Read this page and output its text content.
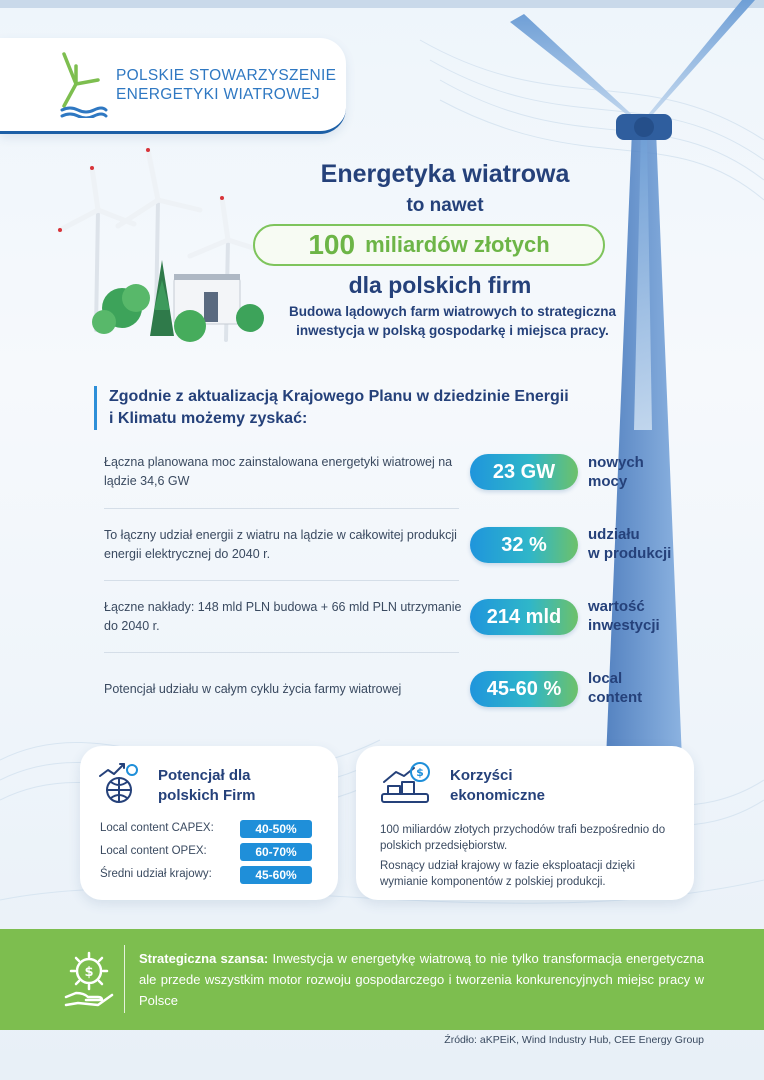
POLSKIE STOWARZYSZENIE
ENERGETYKI WIATROWEJ
Energetyka wiatrowa
to nawet
100 miliardów złotych
dla polskich firm
Budowa lądowych farm wiatrowych to strategiczna inwestycja w polską gospodarkę i miejsca pracy.
Zgodnie z aktualizacją Krajowego Planu w dziedzinie Energii i Klimatu możemy zyskać:
Łączna planowana moc zainstalowana energetyki wiatrowej na lądzie 34,6 GW	23 GW	nowych
mocy
To łączny udział energii z wiatru na lądzie w całkowitej produkcji energii elektrycznej do 2040 r.	32 %	udziału
w produkcji
Łączne nakłady: 148 mld PLN budowa + 66 mld PLN utrzymanie do 2040 r.	214 mld	wartość
inwestycji
Potencjał udziału w całym cyklu życia farmy wiatrowej	45-60 %	local
content
Potencjał dla
polskich Firm
Local content CAPEX:	40-50%
Local content OPEX:	60-70%
Średni udział krajowy:	45-60%
$ Korzyści
ekonomiczne
100 miliardów złotych przychodów trafi bezpośrednio do polskich przedsiębiorstw.
Rosnący udział krajowy w fazie eksploatacji dzięki wymianie komponentów z polskiej produkcji.
$
Strategiczna szansa: Inwestycja w energetykę wiatrową to nie tylko transformacja energetyczna ale przede wszystkim motor rozwoju gospodarczego i tworzenia konkurencyjnych miejsc pracy w Polsce
Źródło: aKPEiK, Wind Industry Hub, CEE Energy Group
